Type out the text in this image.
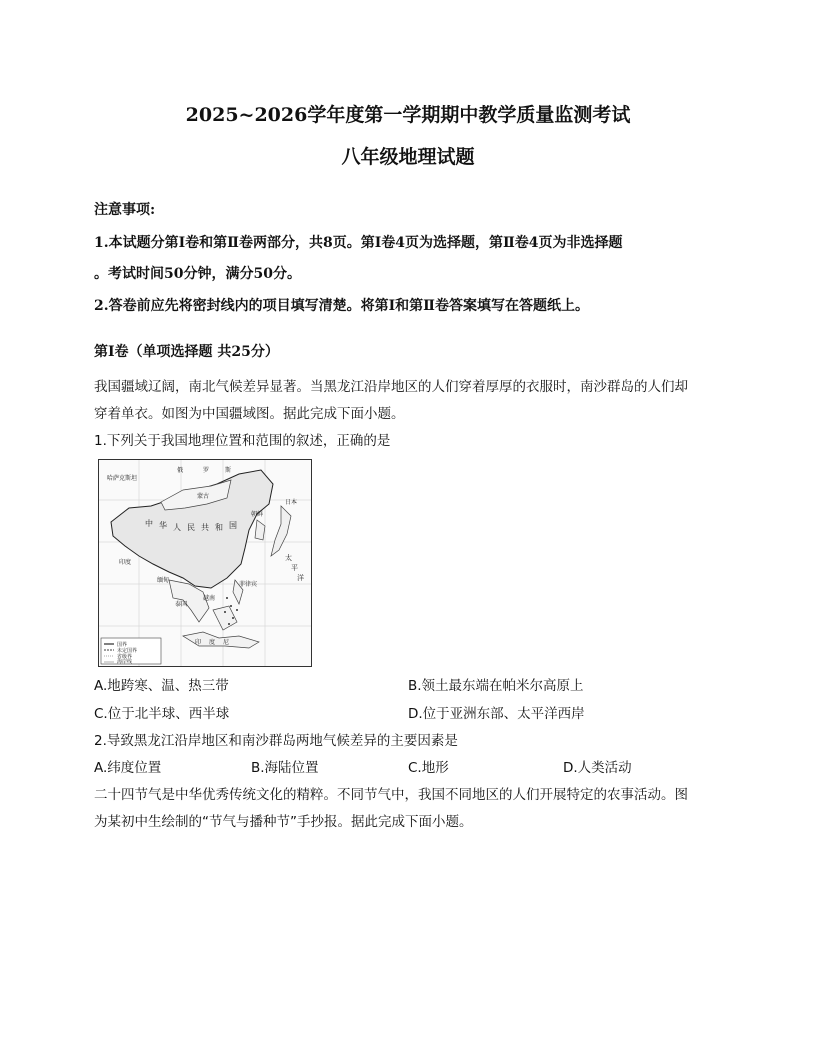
2025~2026学年度第一学期期中教学质量监测考试
八年级地理试题
注意事项:
1.本试题分第Ⅰ卷和第Ⅱ卷两部分，共8页。第Ⅰ卷4页为选择题，第Ⅱ卷4页为非选择题
。考试时间50分钟，满分50分。
2.答卷前应先将密封线内的项目填写清楚。将第Ⅰ和第Ⅱ卷答案填写在答题纸上。
第Ⅰ卷（单项选择题 共25分）
我国疆域辽阔，南北气候差异显著。当黑龙江沿岸地区的人们穿着厚厚的衣服时，南沙群岛的人们却
穿着单衣。如图为中国疆域图。据此完成下面小题。
1.下列关于我国地理位置和范围的叙述，正确的是
哈萨克斯坦
俄	罗	斯
蒙古
中 华 人 民 共 和 国
印度
缅甸
泰国
越南
菲律宾
日本
朝鲜
太
平
洋
印 度 尼
国界
未定国界
省级界
海岸线
A.地跨寒、温、热三带	B.领土最东端在帕米尔高原上
C.位于北半球、西半球	D.位于亚洲东部、太平洋西岸
2.导致黑龙江沿岸地区和南沙群岛两地气候差异的主要因素是
A.纬度位置	B.海陆位置	C.地形	D.人类活动
二十四节气是中华优秀传统文化的精粹。不同节气中，我国不同地区的人们开展特定的农事活动。图
为某初中生绘制的“节气与播种节”手抄报。据此完成下面小题。
